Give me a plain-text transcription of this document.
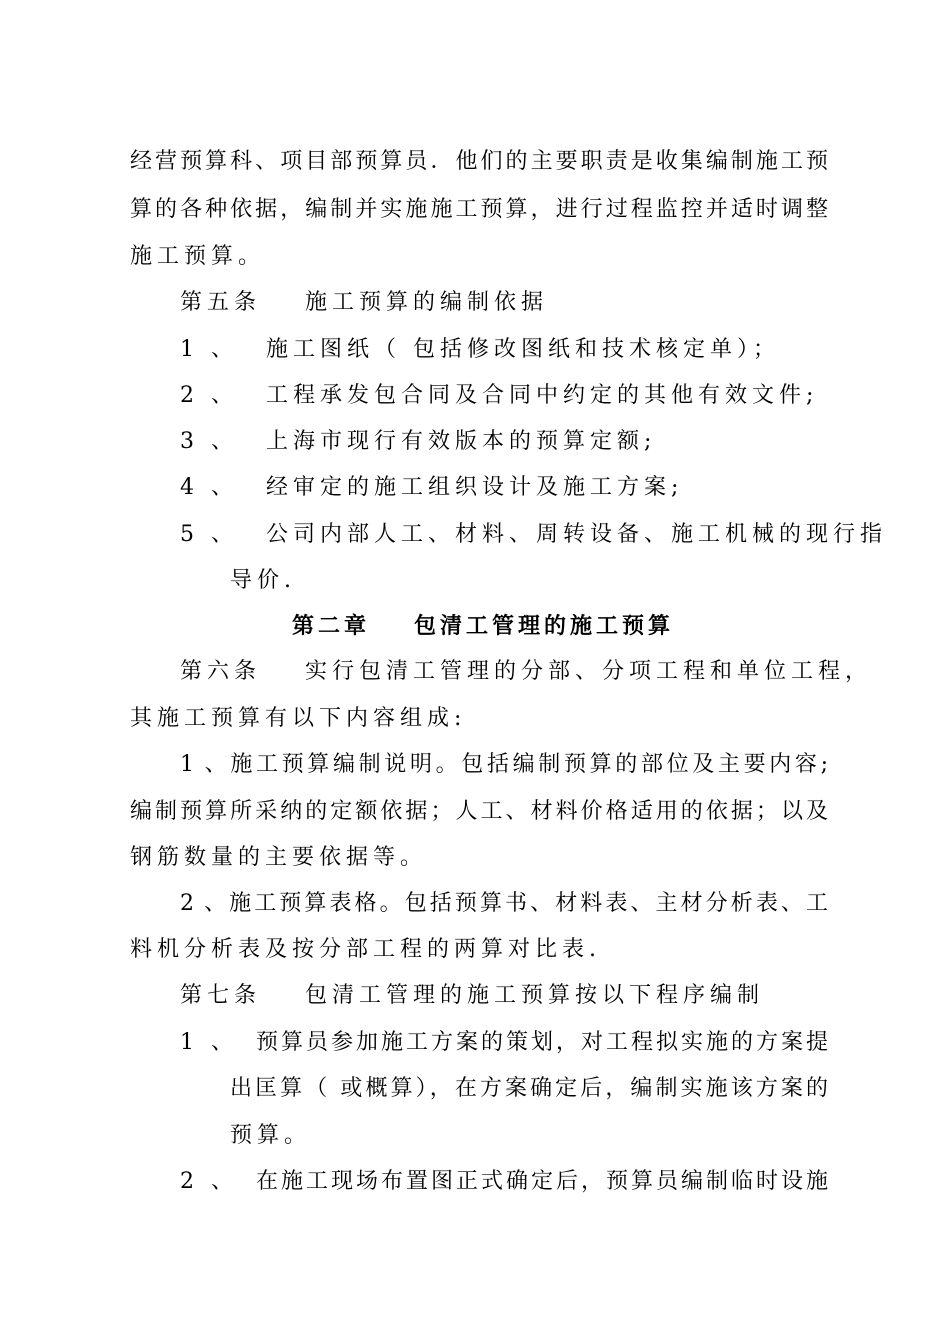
经营预算科、项目部预算员．他们的主要职责是收集编制施工预
算的各种依据，编制并实施施工预算，进行过程监控并适时调整
施工预算。
第五条 施工预算的编制依据
1 、 施工图纸（ 包括修改图纸和技术核定单）；
2 、 工程承发包合同及合同中约定的其他有效文件;
3 、 上海市现行有效版本的预算定额;
4 、 经审定的施工组织设计及施工方案;
5 、 公司内部人工、材料、周转设备、施工机械的现行指
导价.
第二章 包清工管理的施工预算
第六条 实行包清工管理的分部、分项工程和单位工程，
其施工预算有以下内容组成:
1 、施工预算编制说明。包括编制预算的部位及主要内容;
编制预算所采纳的定额依据；人工、材料价格适用的依据；以及
钢筋数量的主要依据等。
2 、施工预算表格。包括预算书、材料表、主材分析表、工
料机分析表及按分部工程的两算对比表.
第七条 包清工管理的施工预算按以下程序编制
1 、 预算员参加施工方案的策划，对工程拟实施的方案提
出匡算（ 或概算），在方案确定后，编制实施该方案的
预算。
2 、 在施工现场布置图正式确定后，预算员编制临时设施
